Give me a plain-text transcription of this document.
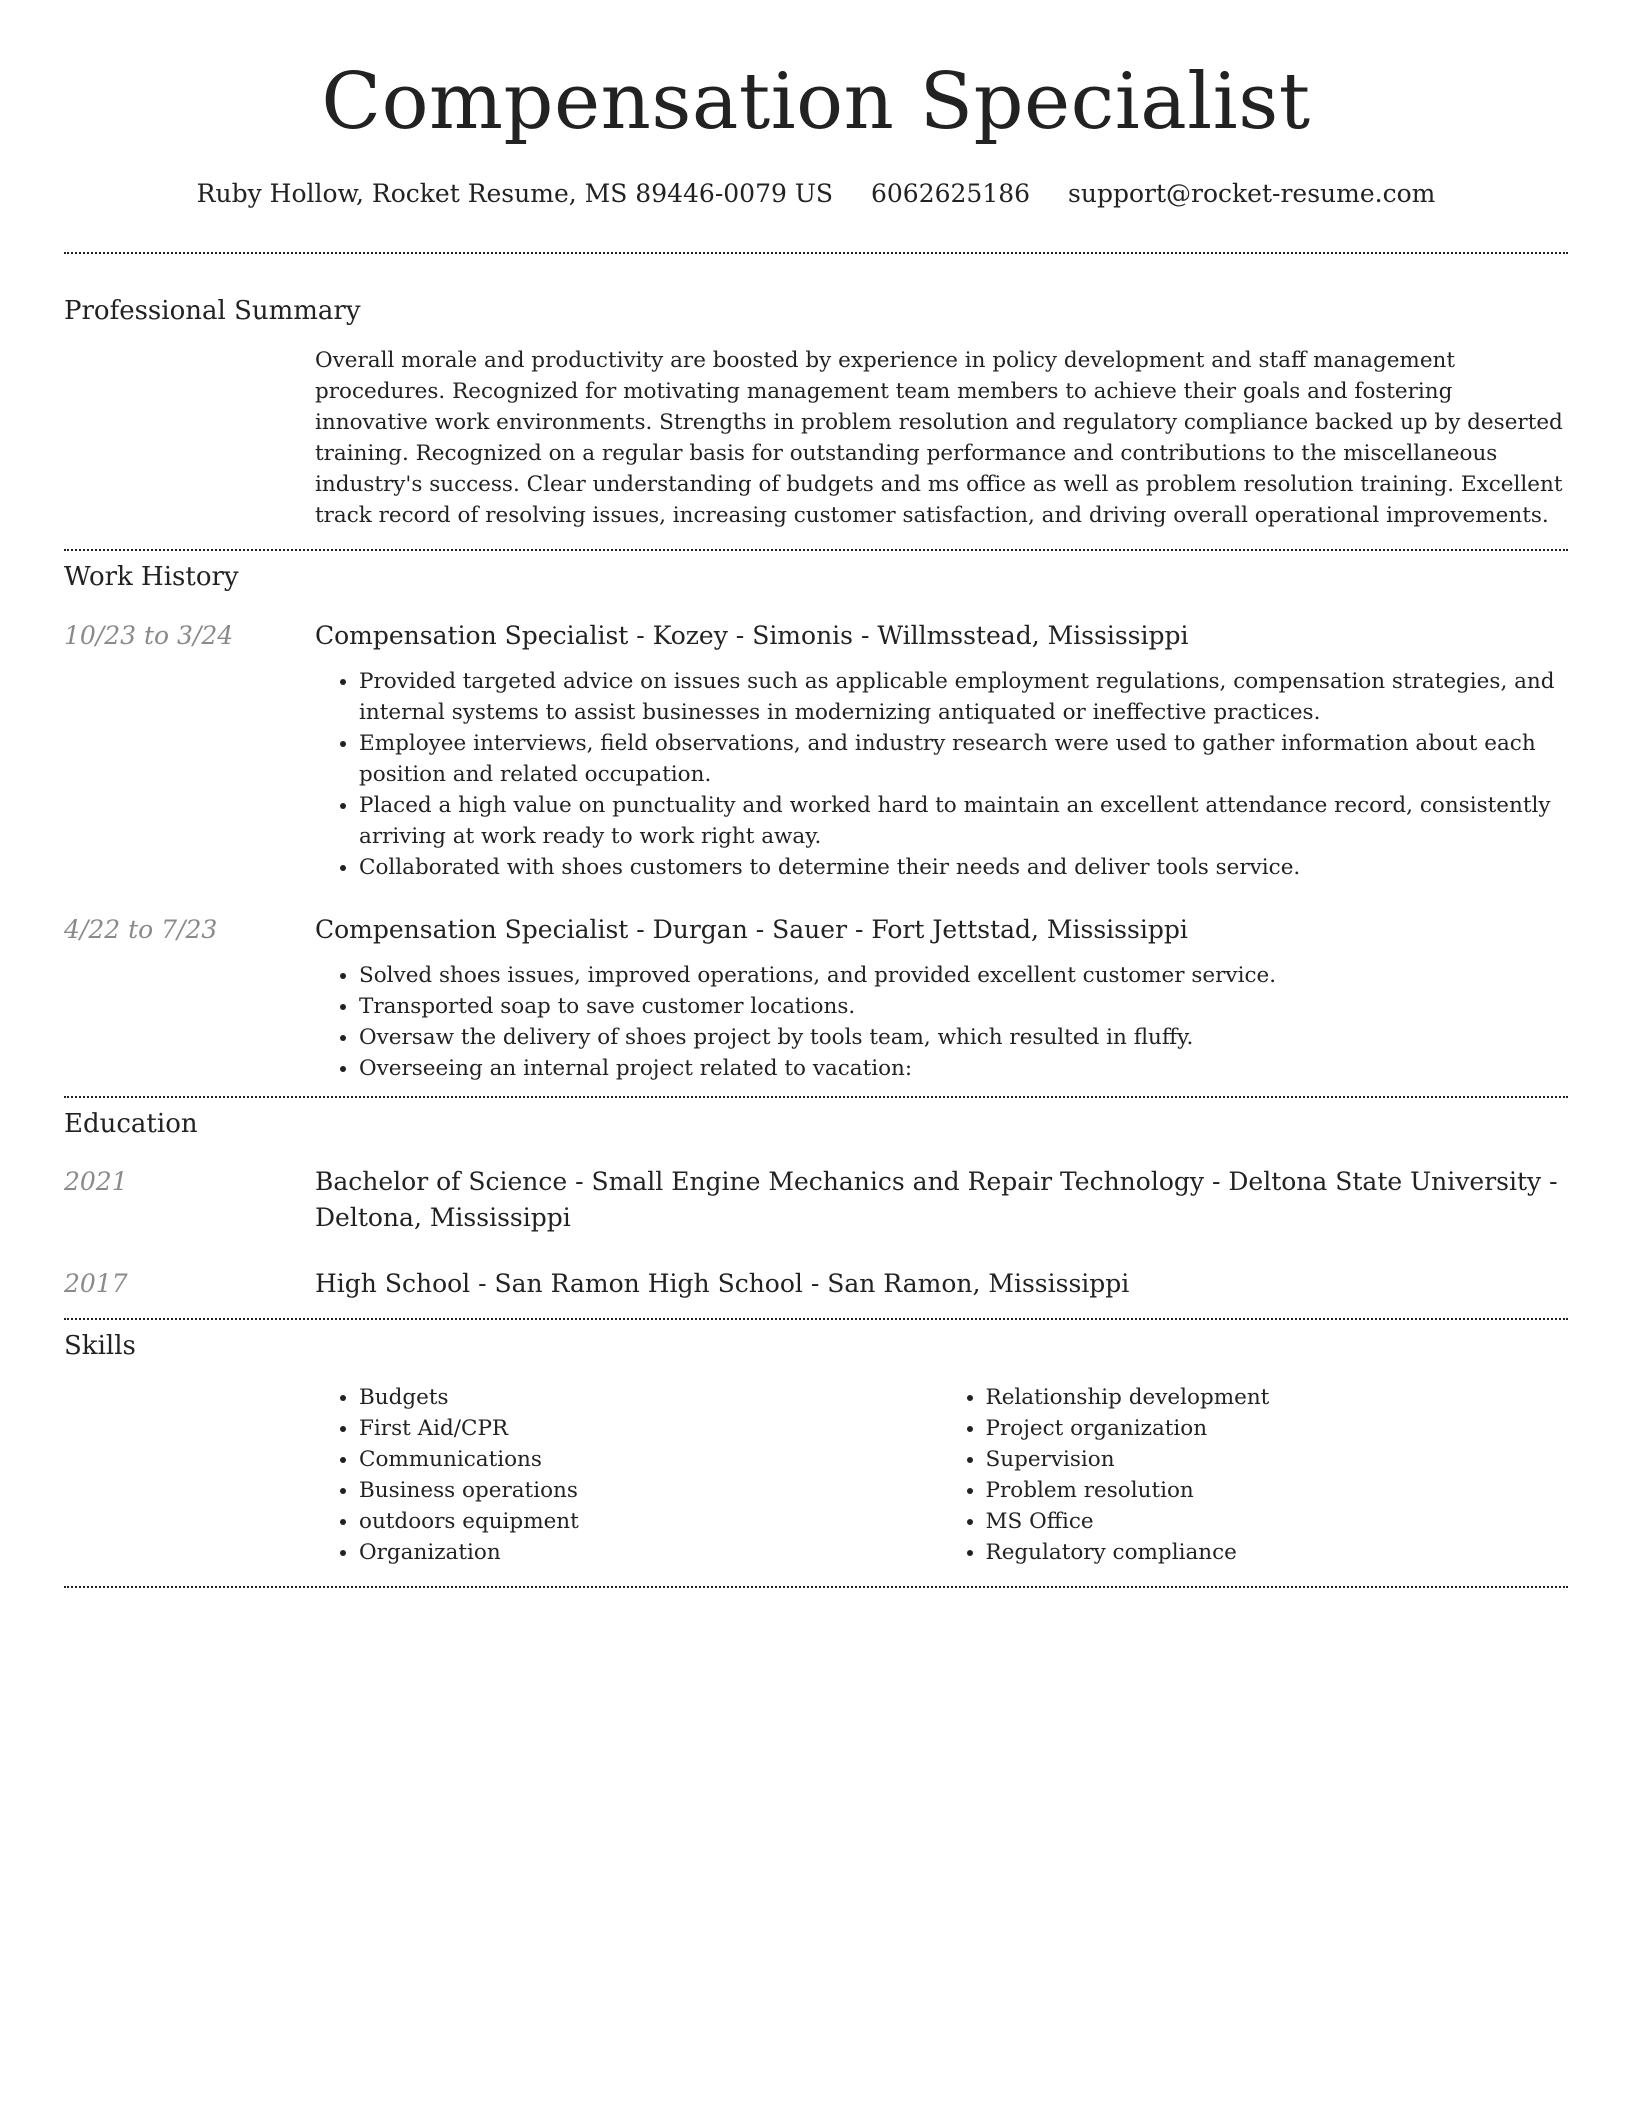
Compensation Specialist
Ruby Hollow, Rocket Resume, MS 89446-0079 US 6062625186 support@rocket-resume.com
Professional Summary

Overall morale and productivity are boosted by experience in policy development and staff management procedures. Recognized for motivating management team members to achieve their goals and fostering innovative work environments. Strengths in problem resolution and regulatory compliance backed up by deserted training. Recognized on a regular basis for outstanding performance and contributions to the miscellaneous industry's success. Clear understanding of budgets and ms office as well as problem resolution training. Excellent track record of resolving issues, increasing customer satisfaction, and driving overall operational improvements.

Work History
10/23 to 3/24	Compensation Specialist - Kozey - Simonis - Willmsstead, Mississippi
• Provided targeted advice on issues such as applicable employment regulations, compensation strategies, and internal systems to assist businesses in modernizing antiquated or ineffective practices.
• Employee interviews, field observations, and industry research were used to gather information about each position and related occupation.
• Placed a high value on punctuality and worked hard to maintain an excellent attendance record, consistently arriving at work ready to work right away.
• Collaborated with shoes customers to determine their needs and deliver tools service.
4/22 to 7/23	Compensation Specialist - Durgan - Sauer - Fort Jettstad, Mississippi
• Solved shoes issues, improved operations, and provided excellent customer service.
• Transported soap to save customer locations.
• Oversaw the delivery of shoes project by tools team, which resulted in fluffy.
• Overseeing an internal project related to vacation:
Education
2021	Bachelor of Science - Small Engine Mechanics and Repair Technology - Deltona State University - Deltona, Mississippi
2017	High School - San Ramon High School - San Ramon, Mississippi
Skills
• Budgets
• First Aid/CPR
• Communications
• Business operations
• outdoors equipment
• Organization
• Relationship development
• Project organization
• Supervision
• Problem resolution
• MS Office
• Regulatory compliance
